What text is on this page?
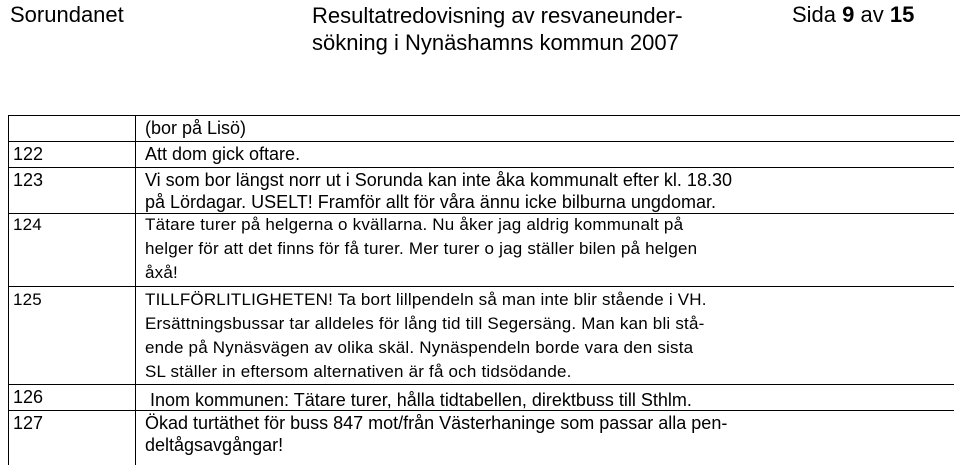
Sorundanet	Resultatredovisning av resvaneunder-
sökning i Nynäshamns kommun 2007
Sida 9 av 15
(bor på Lisö)
122	Att dom gick oftare.
123	Vi som bor längst norr ut i Sorunda kan inte åka kommunalt efter kl. 18.30
på Lördagar. USELT! Framför allt för våra ännu icke bilburna ungdomar.
124	Tätare turer på helgerna o kvällarna. Nu åker jag aldrig kommunalt på
helger för att det finns för få turer. Mer turer o jag ställer bilen på helgen
åxå!
125	TILLFÖRLITLIGHETEN! Ta bort lillpendeln så man inte blir stående i VH.
Ersättningsbussar tar alldeles för lång tid till Segersäng. Man kan bli stå-
ende på Nynäsvägen av olika skäl. Nynäspendeln borde vara den sista
SL ställer in eftersom alternativen är få och tidsödande.
126	Inom kommunen: Tätare turer, hålla tidtabellen, direktbuss till Sthlm.
127	Ökad turtäthet för buss 847 mot/från Västerhaninge som passar alla pen-
deltågsavgångar!
